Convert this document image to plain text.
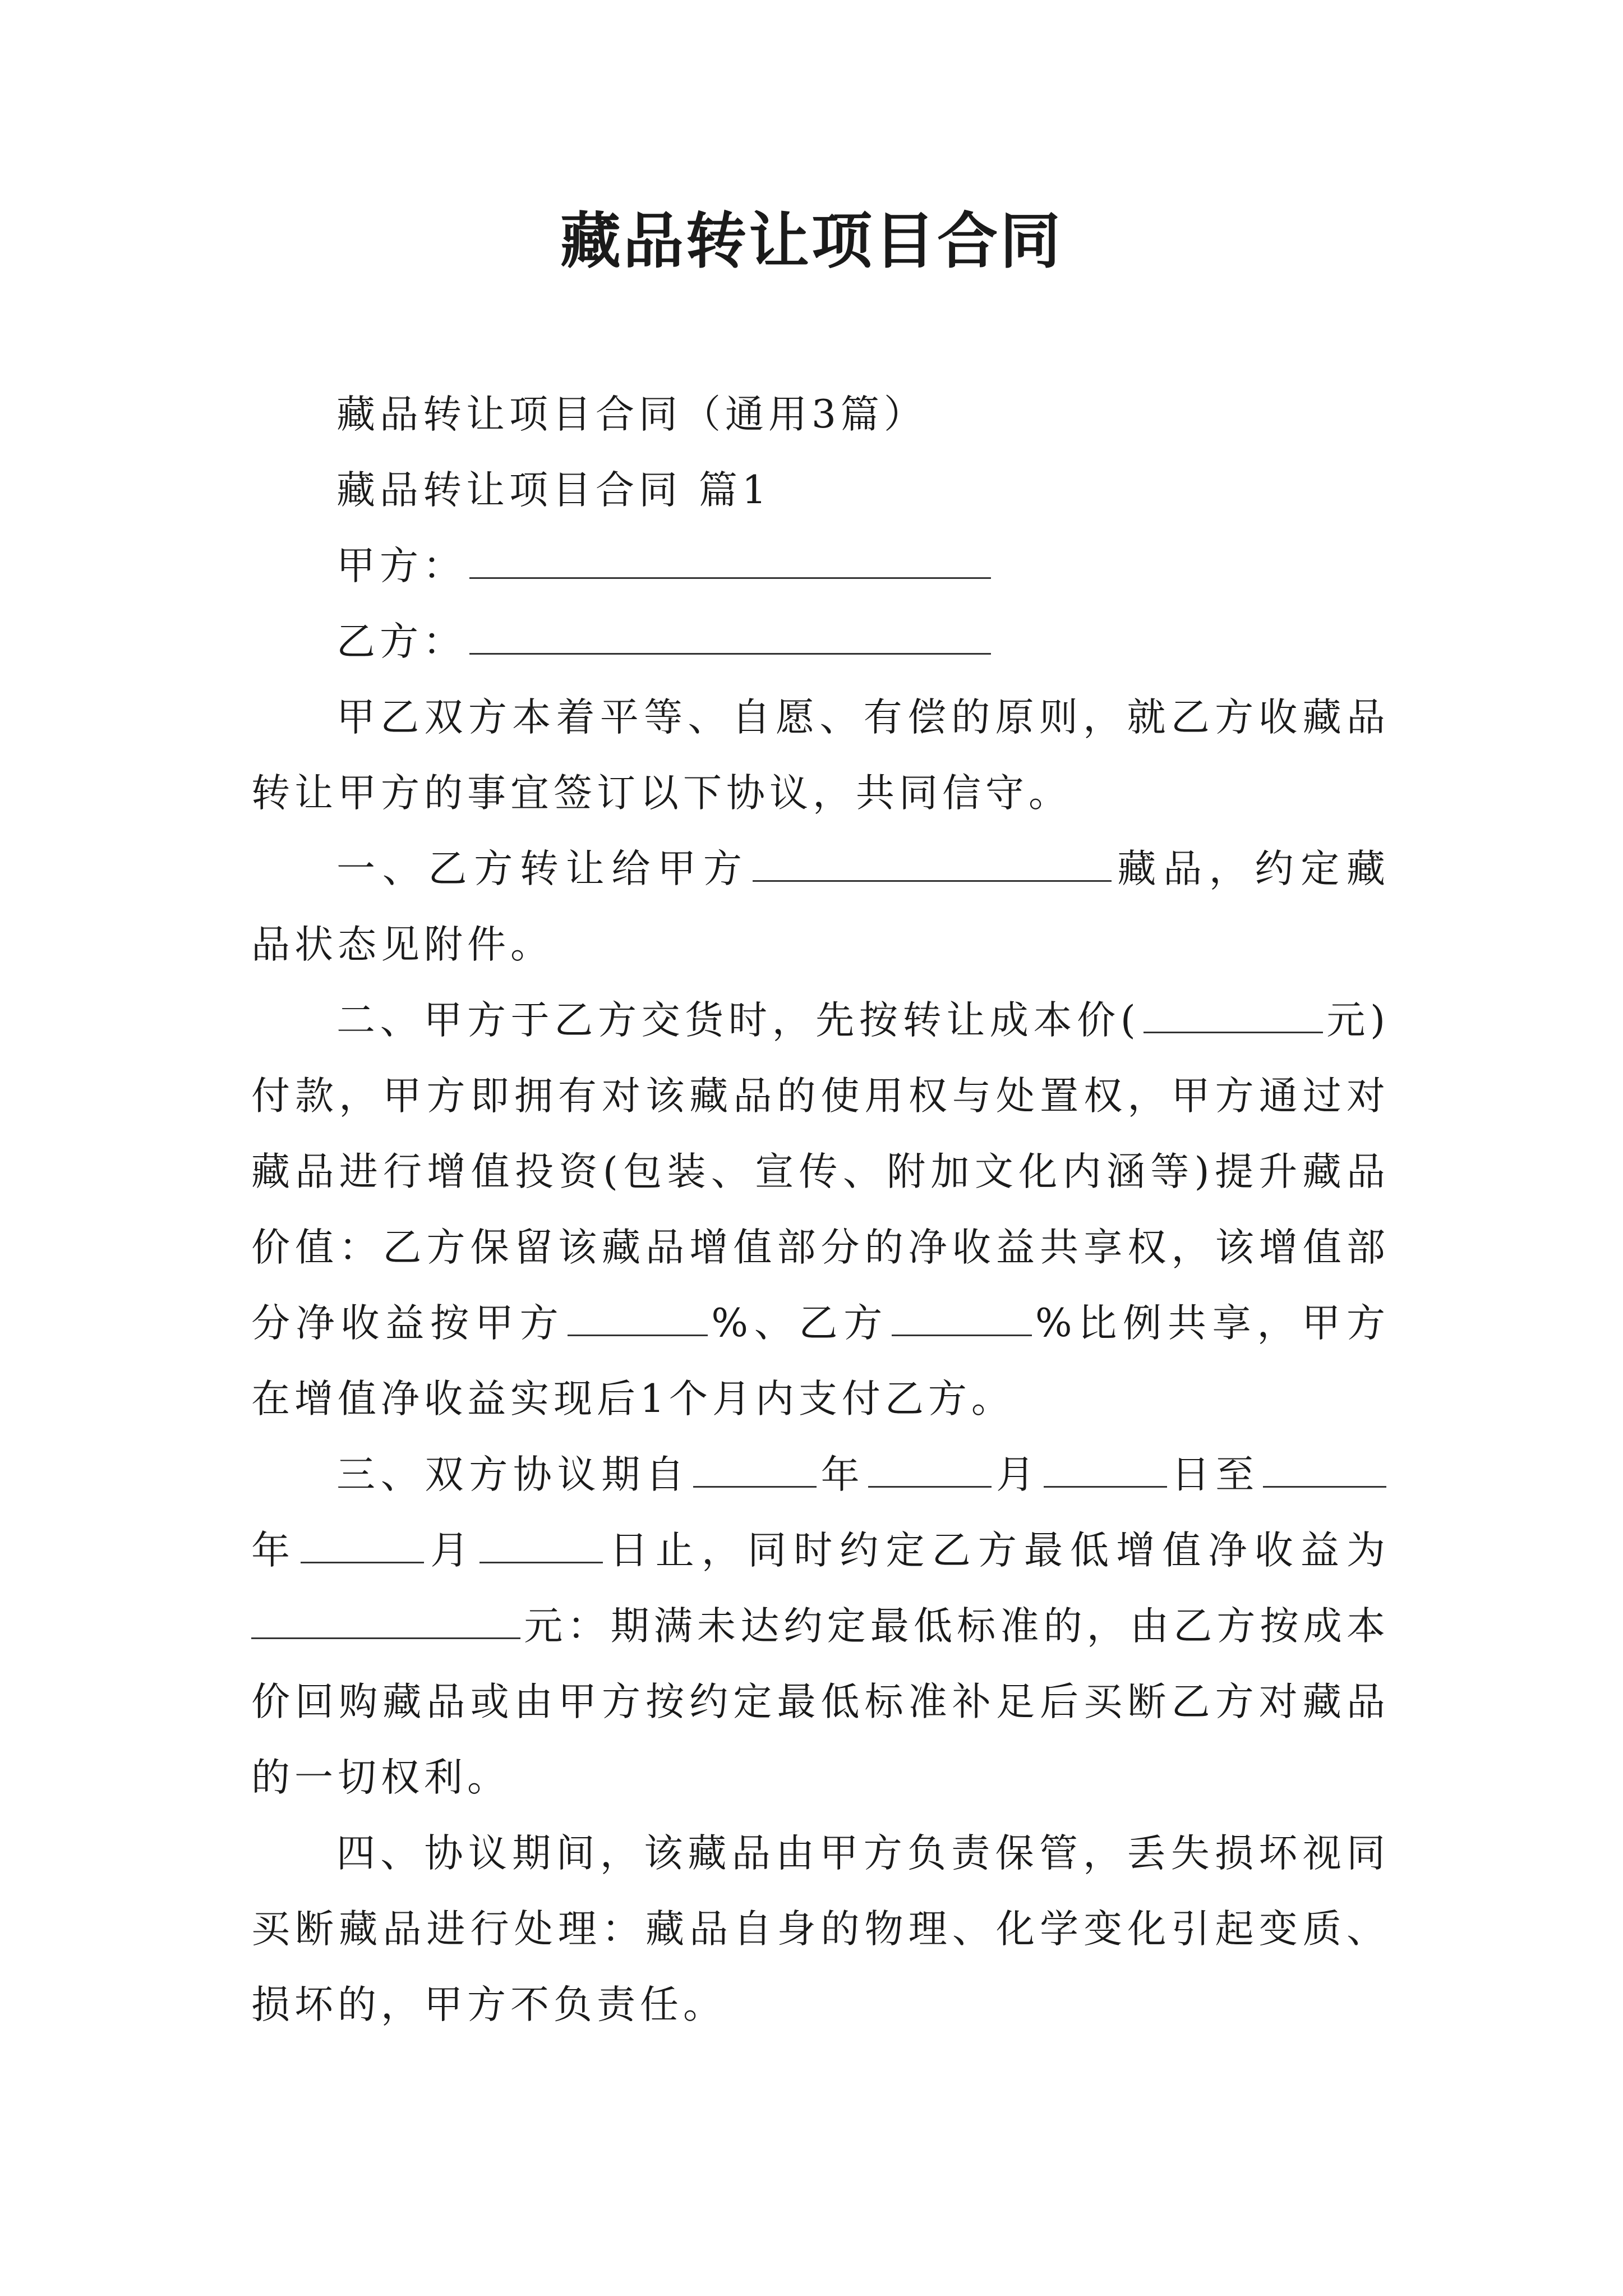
藏品转让项目合同

藏品转让项目合同（通用3篇）

藏品转让项目合同 篇1

甲方：

乙方：

甲乙双方本着平等、自愿、有偿的原则，就乙方收藏品转让甲方的事宜签订以下协议，共同信守。

一、乙方转让给甲方	藏品，约定藏品状态见附件。

二、甲方于乙方交货时，先按转让成本价(	元)付款，甲方即拥有对该藏品的使用权与处置权，甲方通过对藏品进行增值投资(包装、宣传、附加文化内涵等)提升藏品价值：乙方保留该藏品增值部分的净收益共享权，该增值部分净收益按甲方	%、乙方	%比例共享，甲方在增值净收益实现后1个月内支付乙方。

三、双方协议期自	年	月	日至年	月	日止，同时约定乙方最低增值净收益为元：期满未达约定最低标准的，由乙方按成本价回购藏品或由甲方按约定最低标准补足后买断乙方对藏品的一切权利。

四、协议期间，该藏品由甲方负责保管，丢失损坏视同买断藏品进行处理：藏品自身的物理、化学变化引起变质、损坏的，甲方不负责任。
